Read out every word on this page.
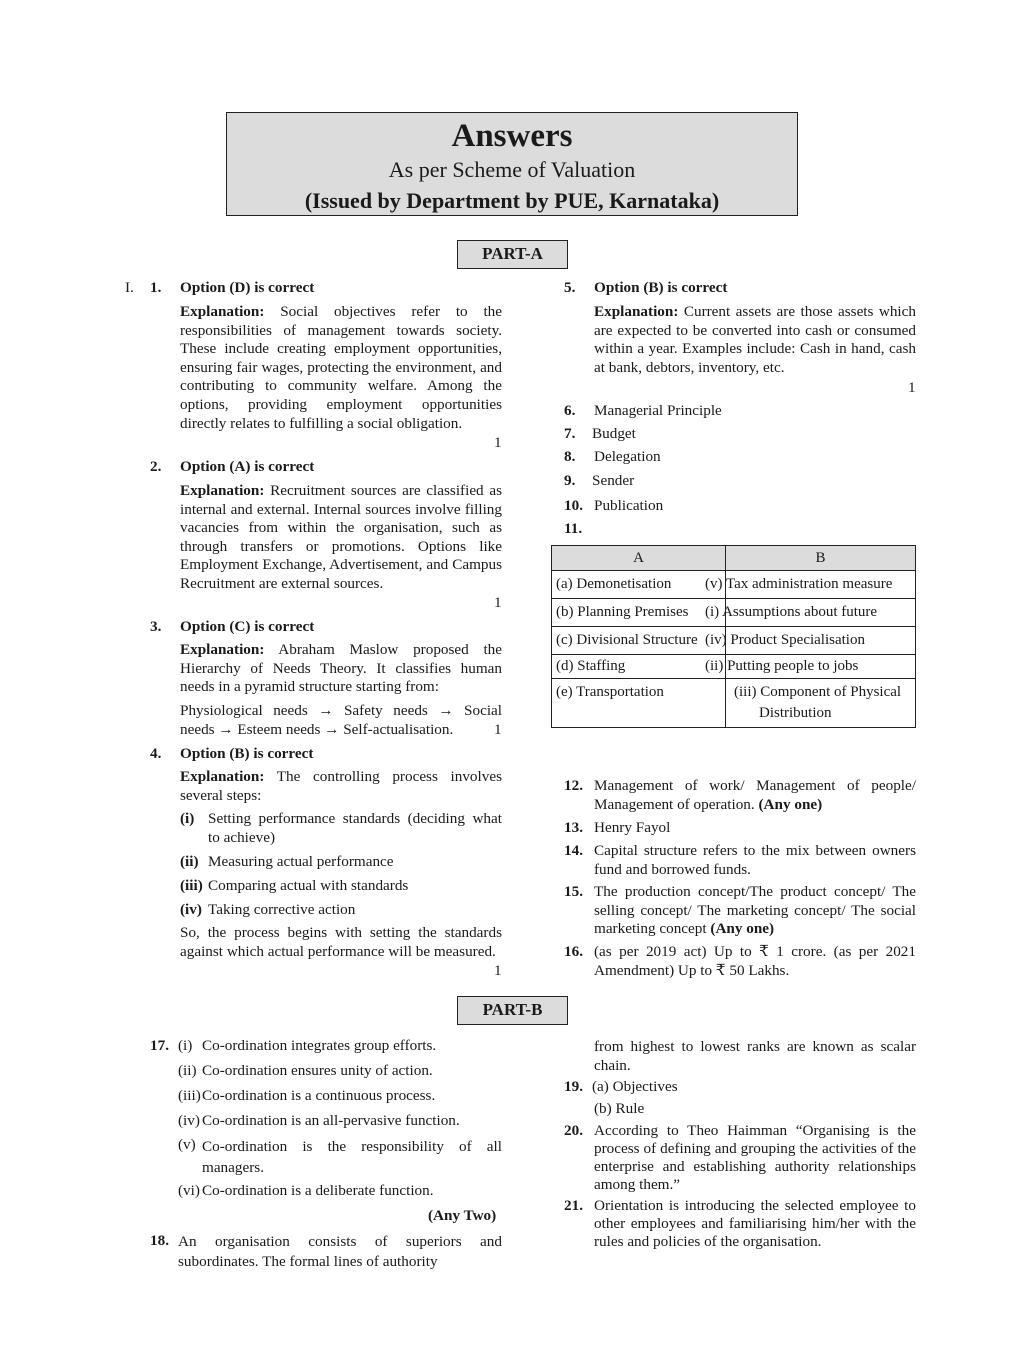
Answers
As per Scheme of Valuation
(Issued by Department by PUE, Karnataka)
PART-A
I. 1. Option (D) is correct
Explanation: Social objectives refer to the responsibilities of management towards society. These include creating employment opportunities, ensuring fair wages, protecting the environment, and contributing to community welfare. Among the options, providing employment opportunities directly relates to fulfilling a social obligation.
1
2. Option (A) is correct
Explanation: Recruitment sources are classified as internal and external. Internal sources involve filling vacancies from within the organisation, such as through transfers or promotions. Options like Employment Exchange, Advertisement, and Campus Recruitment are external sources.
1
3. Option (C) is correct
Explanation: Abraham Maslow proposed the Hierarchy of Needs Theory. It classifies human needs in a pyramid structure starting from:
Physiological needs → Safety needs → Social
needs → Esteem needs → Self-actualisation.	1
4. Option (B) is correct
Explanation: The controlling process involves several steps:
(i) Setting performance standards (deciding what to achieve)
(ii) Measuring actual performance
(iii) Comparing actual with standards
(iv) Taking corrective action
So, the process begins with setting the standards against which actual performance will be measured.
1
5. Option (B) is correct
Explanation: Current assets are those assets which are expected to be converted into cash or consumed within a year. Examples include: Cash in hand, cash at bank, debtors, inventory, etc.
1
6. Managerial Principle
7. Budget
8. Delegation
9. Sender
10. Publication
11.
A	B
(a) Demonetisation	(v) Tax administration measure
(b) Planning Premises	(i) Assumptions about future
(c) Divisional Structure	(iv) Product Specialisation
(d) Staffing	(ii) Putting people to jobs
(e) Transportation	(iii) Component of Physical Distribution
12. Management of work/ Management of people/ Management of operation. (Any one)
13. Henry Fayol
14. Capital structure refers to the mix between owners fund and borrowed funds.
15. The production concept/The product concept/ The selling concept/ The marketing concept/ The social marketing concept (Any one)
16. (as per 2019 act) Up to ₹ 1 crore. (as per 2021 Amendment) Up to ₹ 50 Lakhs.
PART-B
17. (i) Co-ordination integrates group efforts.
(ii) Co-ordination ensures unity of action.
(iii) Co-ordination is a continuous process.
(iv) Co-ordination is an all-pervasive function.
(v) Co-ordination is the responsibility of all managers.
(vi) Co-ordination is a deliberate function.
(Any Two)
18. An organisation consists of superiors and subordinates. The formal lines of authority
from highest to lowest ranks are known as scalar chain.
19. (a) Objectives
(b) Rule
20. According to Theo Haimman “Organising is the process of defining and grouping the activities of the enterprise and establishing authority relationships among them.”
21. Orientation is introducing the selected employee to other employees and familiarising him/her with the rules and policies of the organisation.
